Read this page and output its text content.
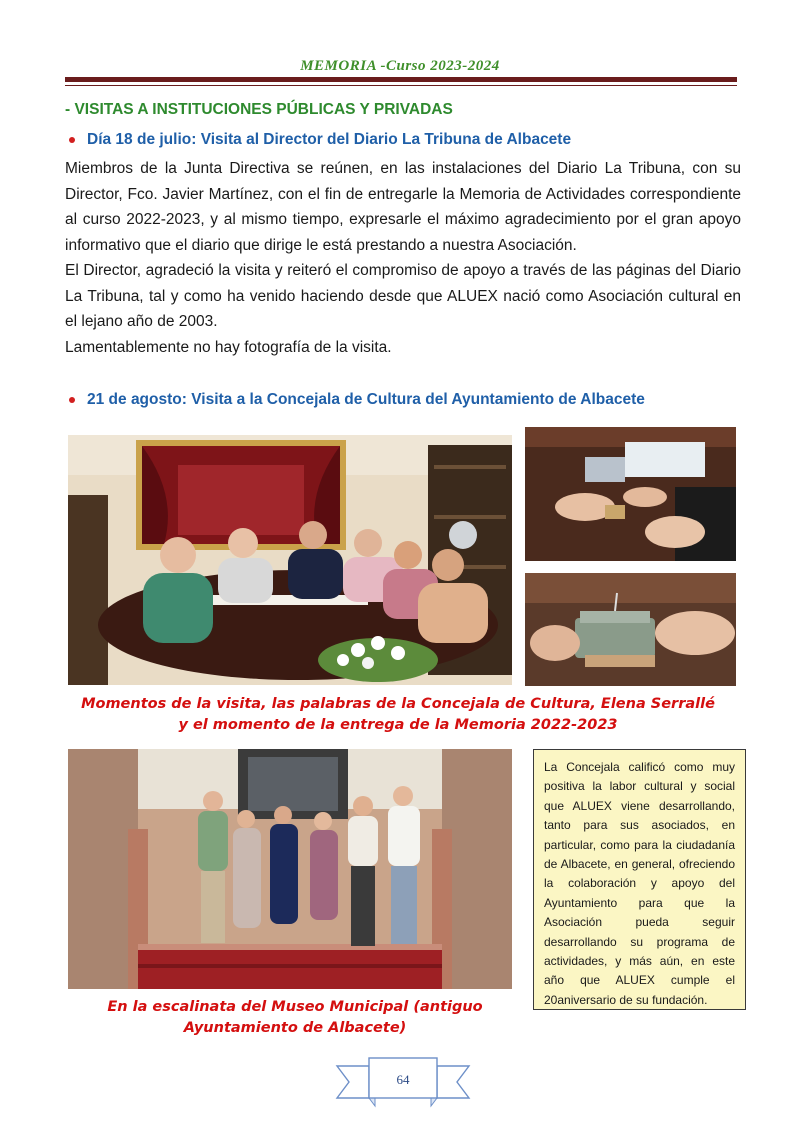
MEMORIA -Curso 2023-2024
- VISITAS A INSTITUCIONES PÚBLICAS Y PRIVADAS
Día 18 de julio: Visita al Director del Diario La Tribuna de Albacete

Miembros de la Junta Directiva se reúnen, en las instalaciones del Diario La Tribuna, con su Director, Fco. Javier Martínez, con el fin de entregarle la Memoria de Actividades correspondiente al curso 2022-2023, y al mismo tiempo, expresarle el máximo agradecimiento por el gran apoyo informativo que el diario que dirige le está prestando a nuestra Asociación.

El Director, agradeció la visita y reiteró el compromiso de apoyo a través de las páginas del Diario La Tribuna, tal y como ha venido haciendo desde que ALUEX nació como Asociación cultural en el lejano año de 2003.

Lamentablemente no hay fotografía de la visita.

21 de agosto: Visita a la Concejala de Cultura del Ayuntamiento de Albacete
Momentos de la visita, las palabras de la Concejala de Cultura, Elena Serrallé y el momento de la entrega de la Memoria 2022-2023
La Concejala calificó como muy positiva la labor cultural y social que ALUEX viene desarrollando, tanto para sus asociados, en particular, como para la ciudadanía de Albacete, en general, ofreciendo la colaboración y apoyo del Ayuntamiento para que la Asociación pueda seguir desarrollando su programa de actividades, y más aún, en este año que ALUEX cumple el 20aniversario de su fundación.
En la escalinata del Museo Municipal (antiguo Ayuntamiento de Albacete)
64
